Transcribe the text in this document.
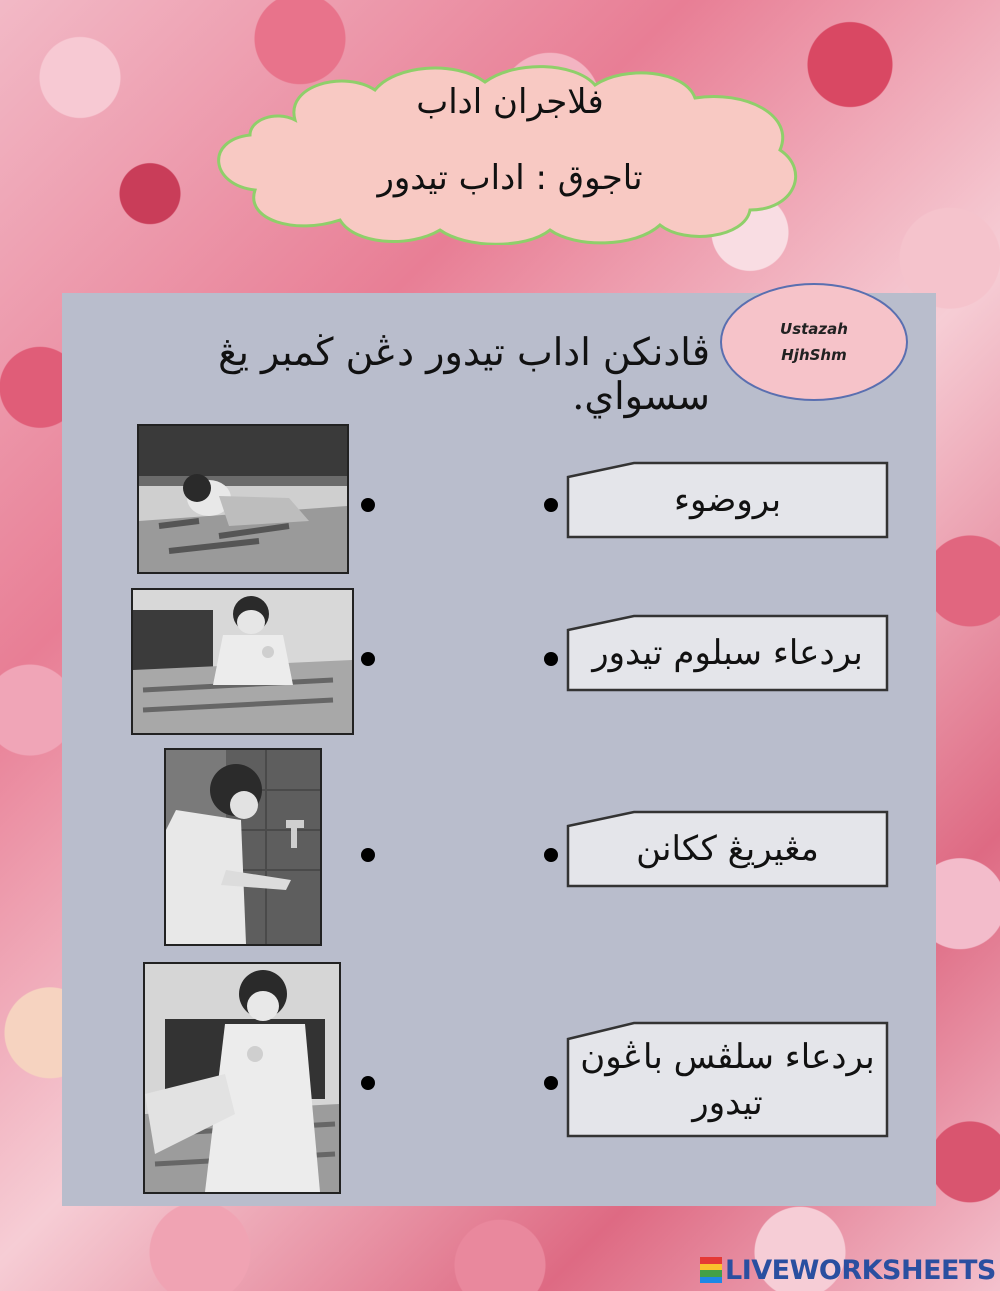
فلاجران اداب
تاجوق : اداب تيدور
Ustazah
HjhShm
ڤادنكن اداب تيدور دڠن ڬمبر يڠ سسواي.
بروضوء
بردعاء سبلوم تيدور
مڠيريڠ ككانن
بردعاء سلڤس باڠون تيدور
LIVEWORKSHEETS
